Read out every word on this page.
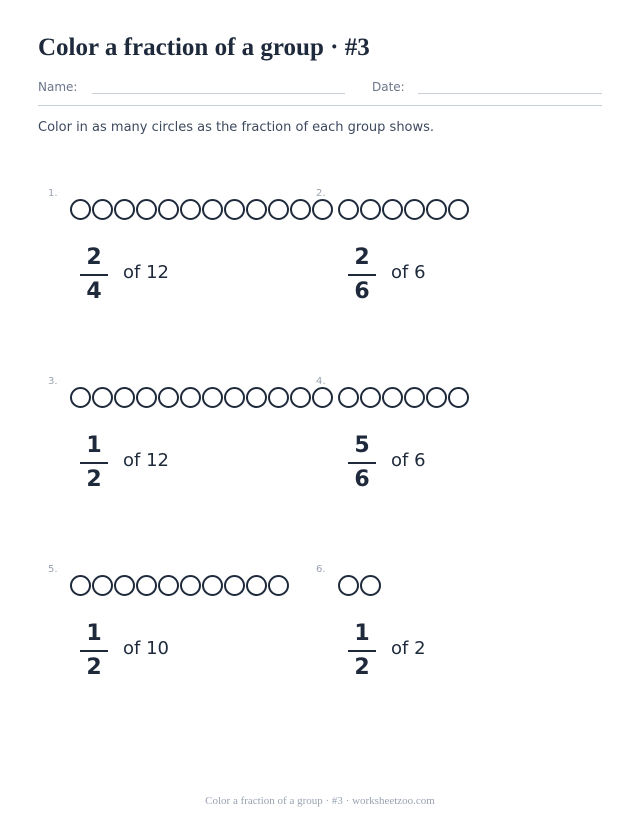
Color a fraction of a group · #3
Name:	Date:
Color in as many circles as the fraction of each group shows.
1.
2
4
of 12
2.
2
6
of 6
3.
1
2
of 12
4.
5
6
of 6
5.
1
2
of 10
6.
1
2
of 2
Color a fraction of a group · #3 · worksheetzoo.com
